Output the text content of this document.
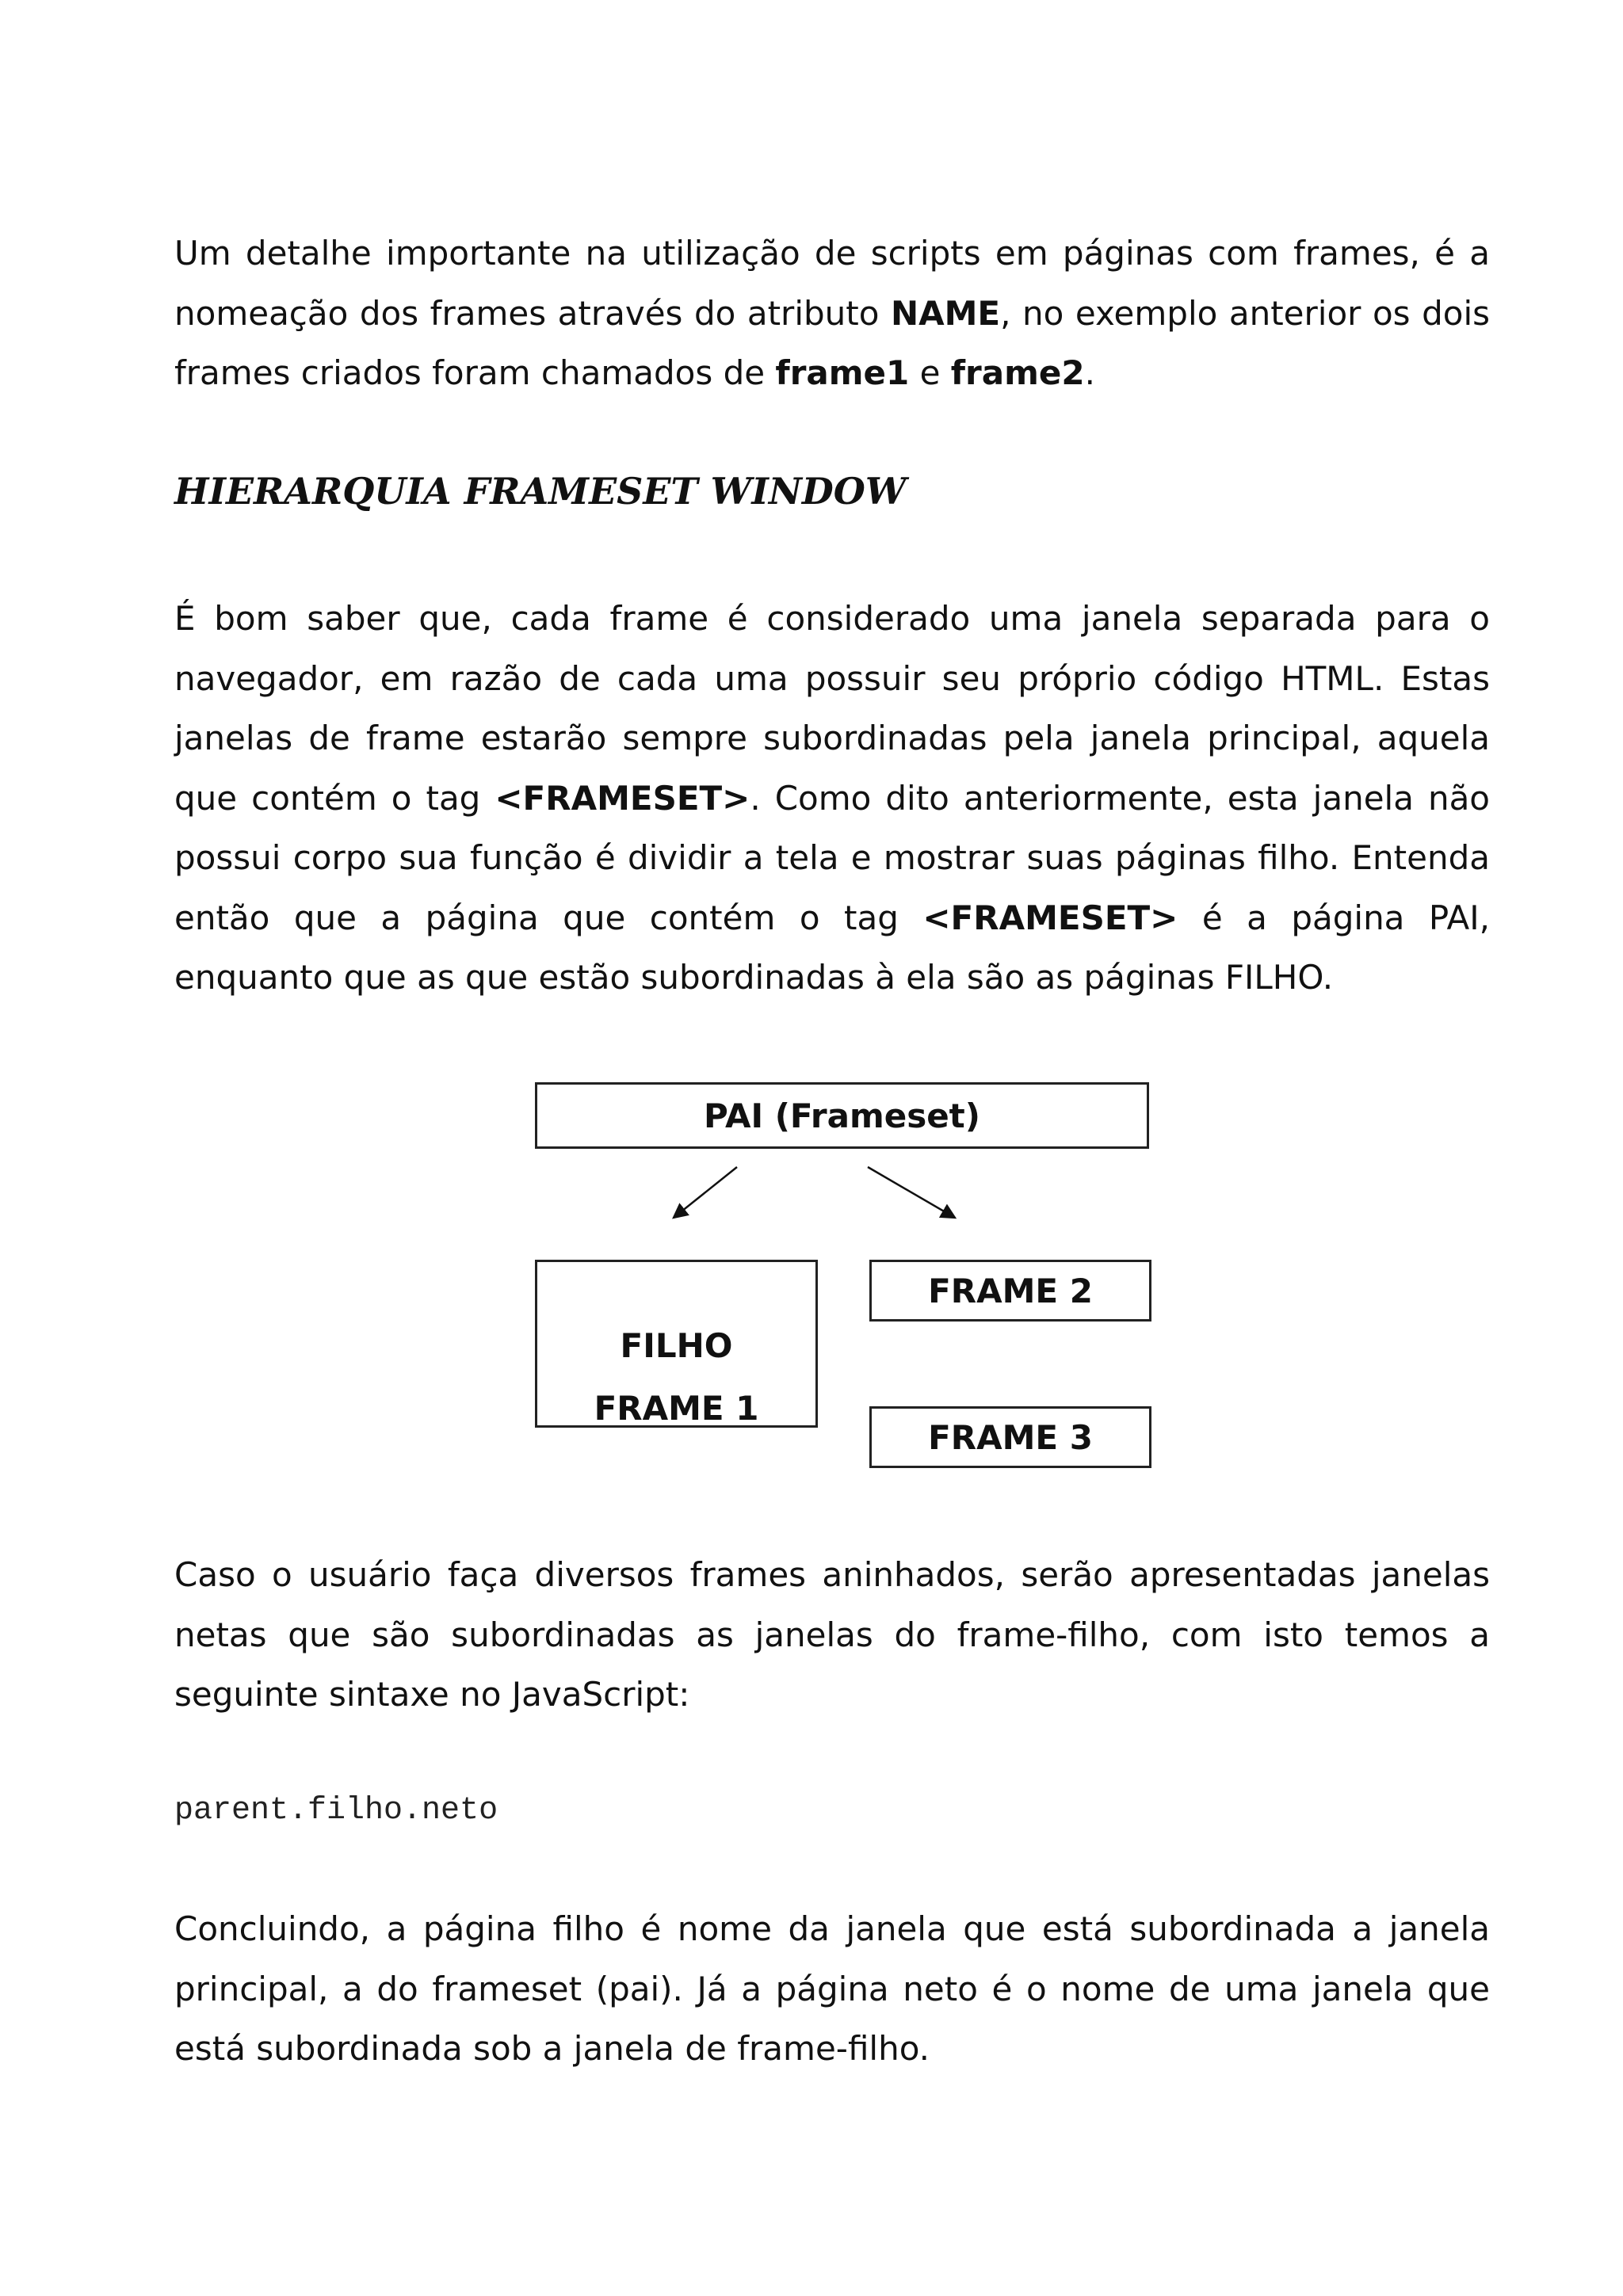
Um detalhe importante na utilização de scripts em páginas com frames, é a nomeação dos frames através do atributo NAME, no exemplo anterior os dois frames criados foram chamados de frame1 e frame2.

HIERARQUIA FRAMESET WINDOW

É bom saber que, cada frame é considerado uma janela separada para o navegador, em razão de cada uma possuir seu próprio código HTML. Estas janelas de frame estarão sempre subordinadas pela janela principal, aquela que contém o tag <FRAMESET>. Como dito anteriormente, esta janela não possui corpo sua função é dividir a tela e mostrar suas páginas filho. Entenda então que a página que contém o tag <FRAMESET> é a página PAI, enquanto que as que estão subordinadas à ela são as páginas FILHO.

PAI (Frameset)
FILHO
FRAME 1
FRAME 2
FRAME 3

Caso o usuário faça diversos frames aninhados, serão apresentadas janelas netas que são subordinadas as janelas do frame-filho, com isto temos a seguinte sintaxe no JavaScript:

parent.filho.neto

Concluindo, a página filho é nome da janela que está subordinada a janela principal, a do frameset (pai). Já a página neto é o nome de uma janela que está subordinada sob a janela de frame-filho.
